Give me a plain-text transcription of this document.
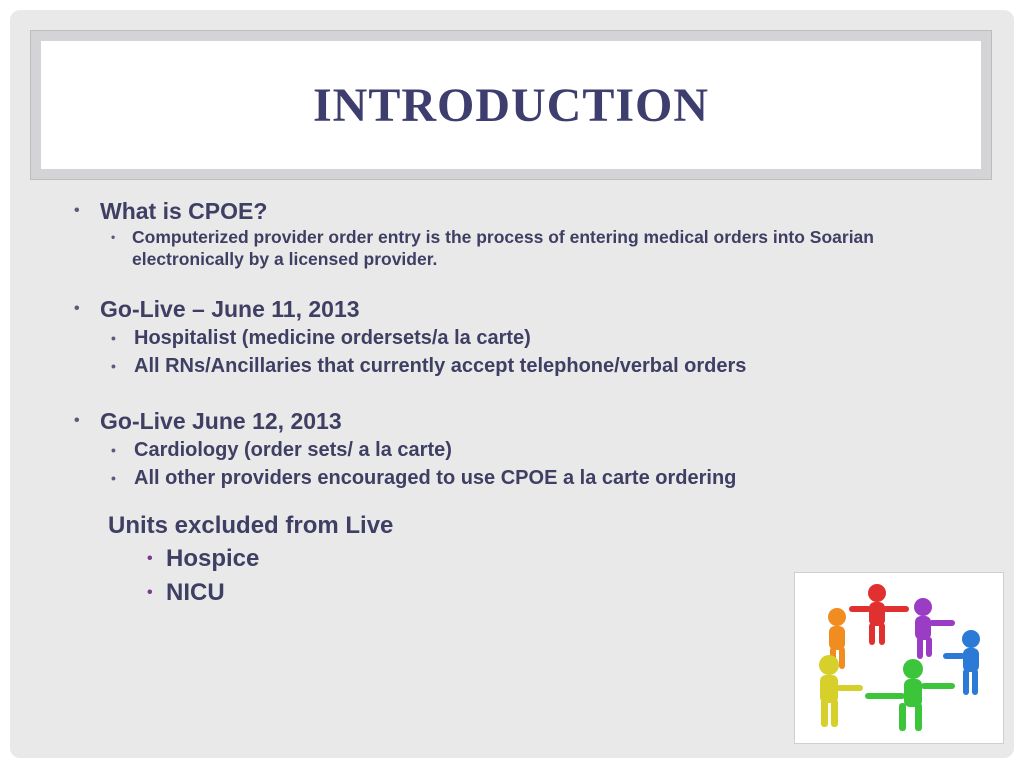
INTRODUCTION
• What is CPOE?
• Computerized provider order entry is the process of entering medical orders into Soarian electronically by a licensed provider.
• Go-Live – June 11, 2013
• Hospitalist (medicine ordersets/a la carte)
• All RNs/Ancillaries that currently accept telephone/verbal orders
• Go-Live June 12, 2013
• Cardiology (order sets/ a la carte)
• All other providers encouraged to use CPOE a la carte ordering
Units excluded from Live
• Hospice
• NICU
